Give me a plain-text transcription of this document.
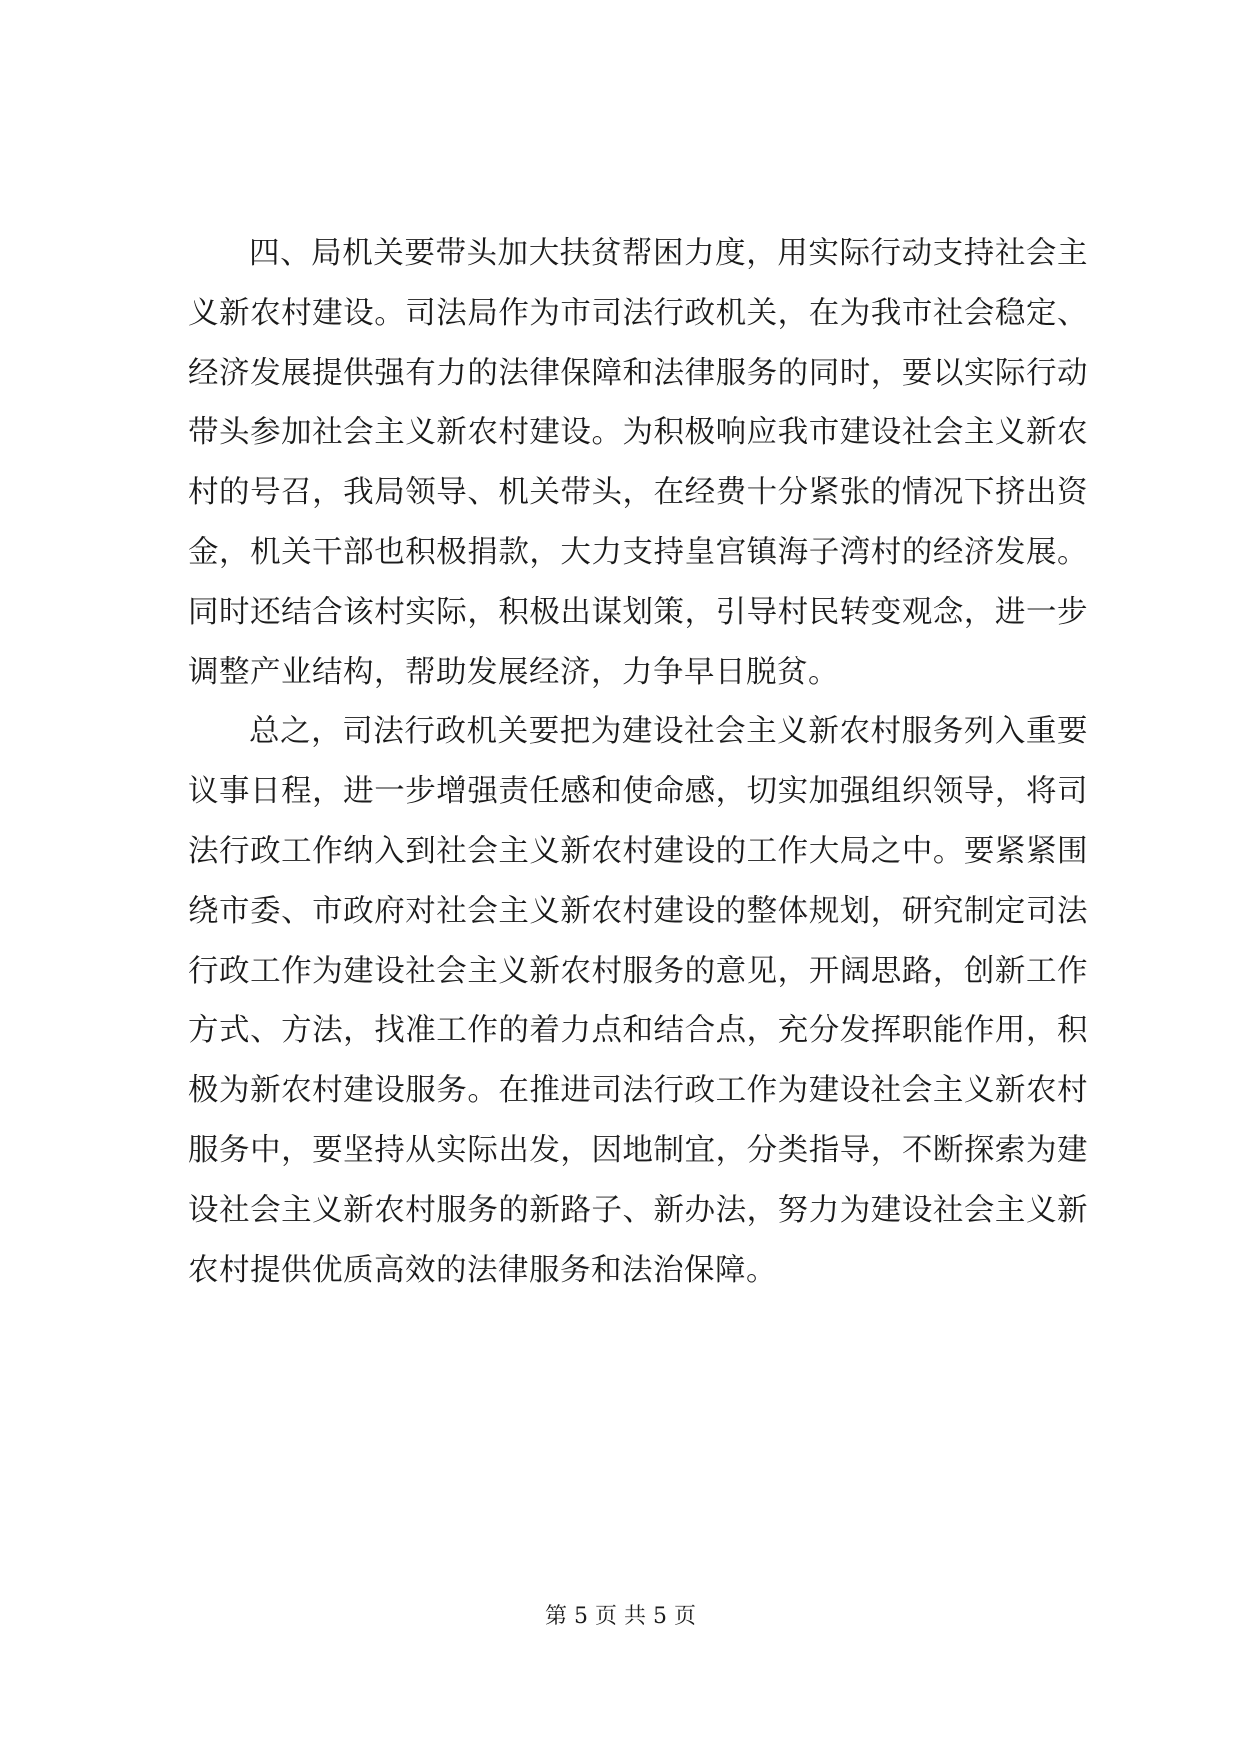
四、局机关要带头加大扶贫帮困力度，用实际行动支持社会主义新农村建设。司法局作为市司法行政机关，在为我市社会稳定、经济发展提供强有力的法律保障和法律服务的同时，要以实际行动带头参加社会主义新农村建设。为积极响应我市建设社会主义新农村的号召，我局领导、机关带头，在经费十分紧张的情况下挤出资金，机关干部也积极捐款，大力支持皇宫镇海子湾村的经济发展。同时还结合该村实际，积极出谋划策，引导村民转变观念，进一步调整产业结构，帮助发展经济，力争早日脱贫。

总之，司法行政机关要把为建设社会主义新农村服务列入重要议事日程，进一步增强责任感和使命感，切实加强组织领导，将司法行政工作纳入到社会主义新农村建设的工作大局之中。要紧紧围绕市委、市政府对社会主义新农村建设的整体规划，研究制定司法行政工作为建设社会主义新农村服务的意见，开阔思路，创新工作方式、方法，找准工作的着力点和结合点，充分发挥职能作用，积极为新农村建设服务。在推进司法行政工作为建设社会主义新农村服务中，要坚持从实际出发，因地制宜，分类指导，不断探索为建设社会主义新农村服务的新路子、新办法，努力为建设社会主义新农村提供优质高效的法律服务和法治保障。

第 5 页 共 5 页
